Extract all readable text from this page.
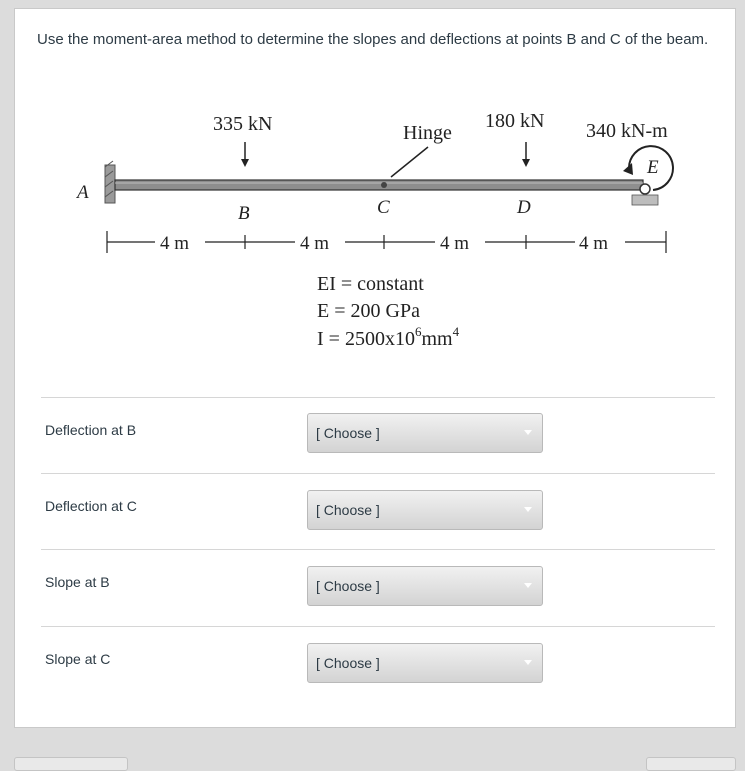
Use the moment-area method to determine the slopes and deflections at points B and C of the beam.
335 kN	Hinge
180 kN 340 kN-m
A
B	C	D
E
4 m	4 m	4 m	4 m
EI = constant
E = 200 GPa
$I = 2500x10^6mm^4$
Deflection at B	[ Choose ]
Deflection at C	[ Choose ]
Slope at B	[ Choose ]
Slope at C	[ Choose ]
